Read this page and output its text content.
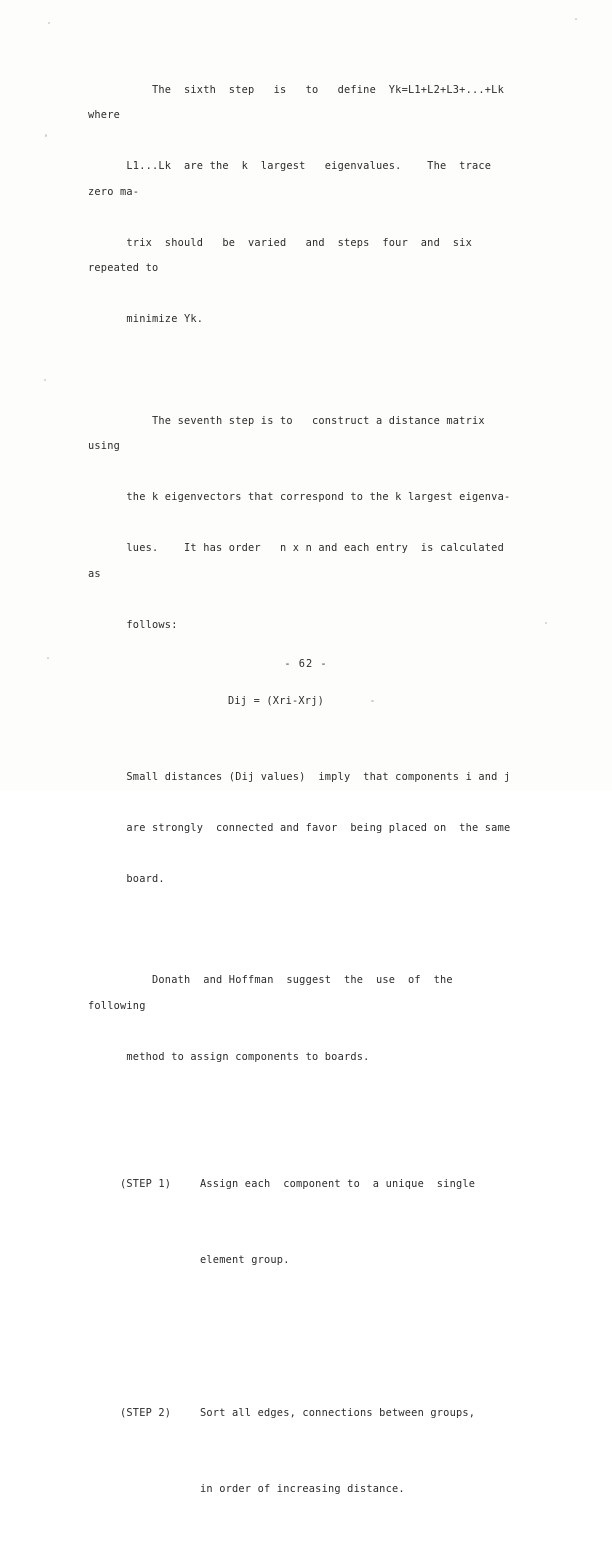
The  sixth  step   is   to   define  Yk=L1+L2+L3+...+Lk   where

L1...Lk  are the  k  largest   eigenvalues.    The  trace zero ma-

trix  should   be  varied   and  steps  four  and  six   repeated to

minimize Yk.

The seventh step is to   construct a distance matrix using

the k eigenvectors that correspond to the k largest eigenva-

lues.    It has order   n x n and each entry  is calculated as

follows:

Dij = (Xri-Xrj)

Small distances (Dij values)  imply  that components i and j

are strongly  connected and favor  being placed on  the same

board.

Donath  and Hoffman  suggest  the  use  of  the  following

method to assign components to boards.

(STEP 1)	Assign each  component to  a unique  single

element group.

(STEP 2)	Sort all edges, connections between groups,

in order of increasing distance.

- 62 -
